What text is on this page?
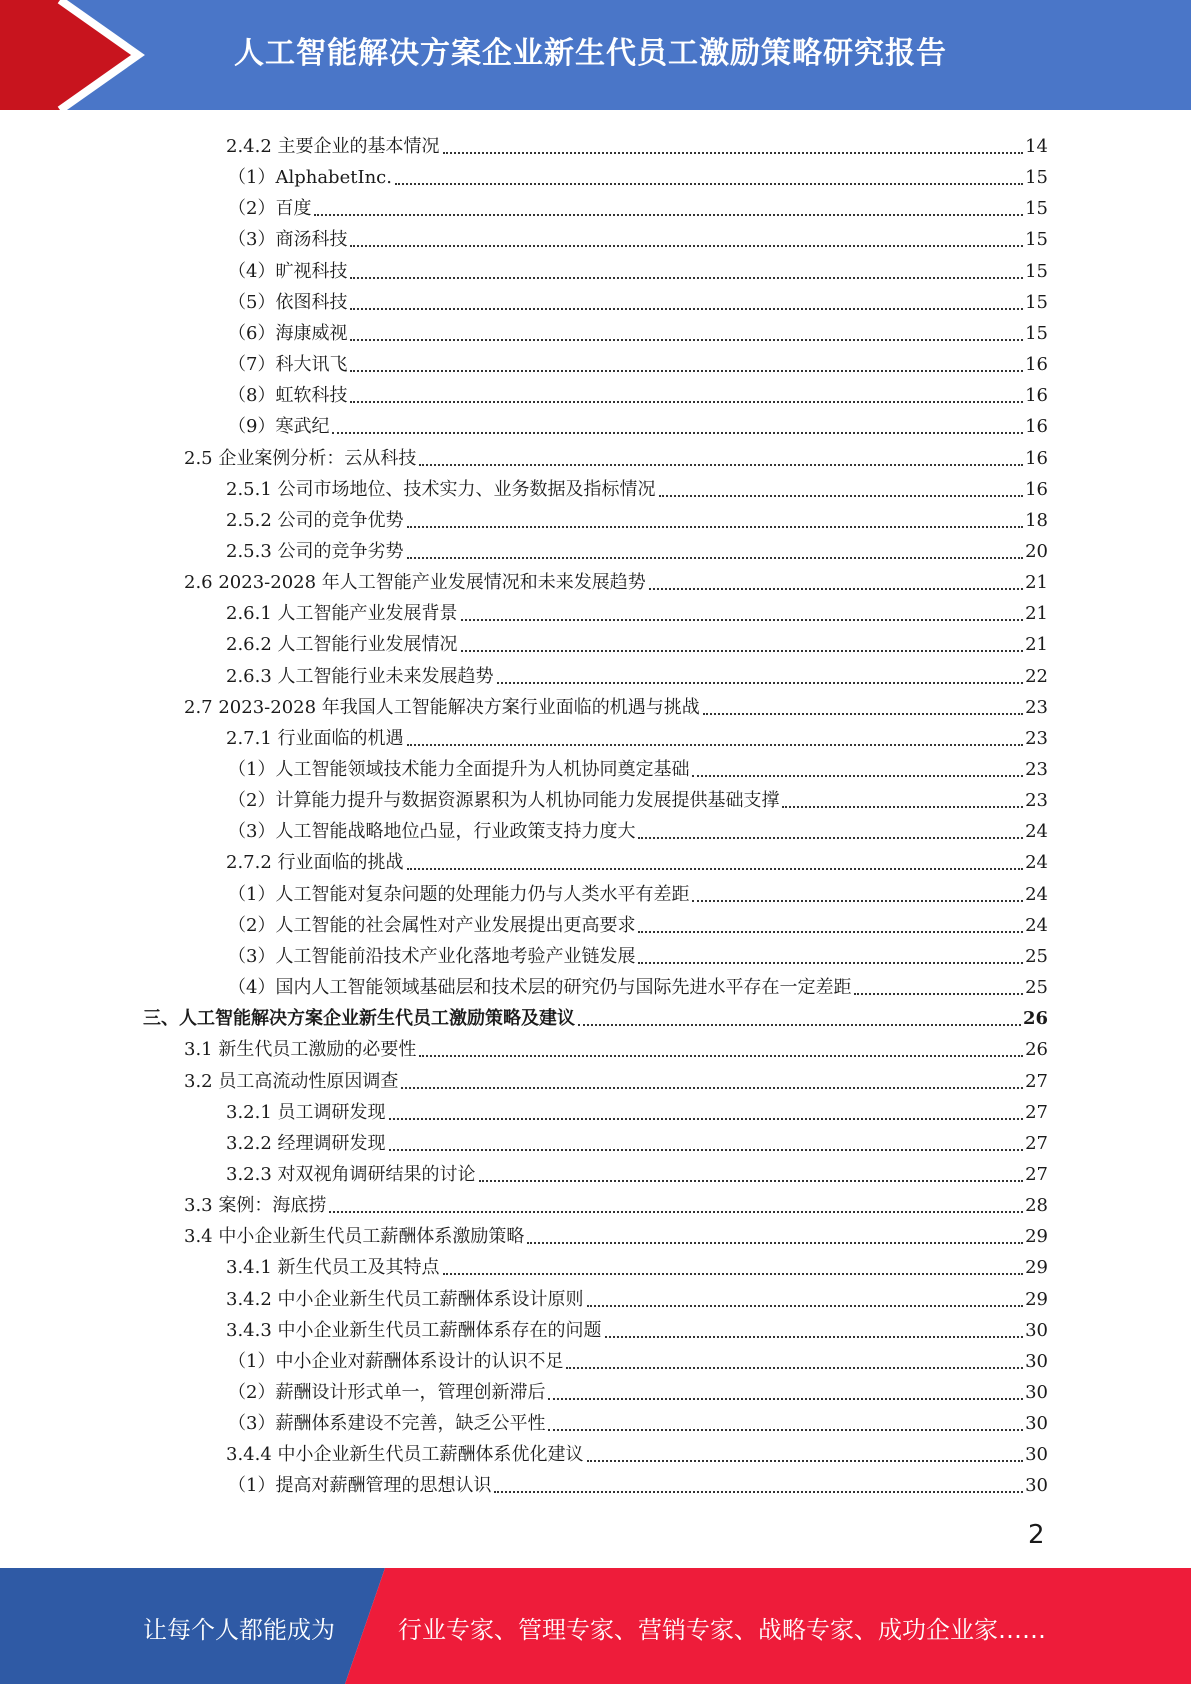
人工智能解决方案企业新生代员工激励策略研究报告
2.4.2 主要企业的基本情况	14
（1）AlphabetInc.	15
（2）百度	15
（3）商汤科技	15
（4）旷视科技	15
（5）依图科技	15
（6）海康威视	15
（7）科大讯飞	16
（8）虹软科技	16
（9）寒武纪	16
2.5 企业案例分析：云从科技	16
2.5.1 公司市场地位、技术实力、业务数据及指标情况	16
2.5.2 公司的竞争优势	18
2.5.3 公司的竞争劣势	20
2.6 2023-2028 年人工智能产业发展情况和未来发展趋势	21
2.6.1 人工智能产业发展背景	21
2.6.2 人工智能行业发展情况	21
2.6.3 人工智能行业未来发展趋势	22
2.7 2023-2028 年我国人工智能解决方案行业面临的机遇与挑战	23
2.7.1 行业面临的机遇	23
（1）人工智能领域技术能力全面提升为人机协同奠定基础	23
（2）计算能力提升与数据资源累积为人机协同能力发展提供基础支撑	23
（3）人工智能战略地位凸显，行业政策支持力度大	24
2.7.2 行业面临的挑战	24
（1）人工智能对复杂问题的处理能力仍与人类水平有差距	24
（2）人工智能的社会属性对产业发展提出更高要求	24
（3）人工智能前沿技术产业化落地考验产业链发展	25
（4）国内人工智能领域基础层和技术层的研究仍与国际先进水平存在一定差距	25
三、人工智能解决方案企业新生代员工激励策略及建议	26
3.1 新生代员工激励的必要性	26
3.2 员工高流动性原因调查	27
3.2.1 员工调研发现	27
3.2.2 经理调研发现	27
3.2.3 对双视角调研结果的讨论	27
3.3 案例：海底捞	28
3.4 中小企业新生代员工薪酬体系激励策略	29
3.4.1 新生代员工及其特点	29
3.4.2 中小企业新生代员工薪酬体系设计原则	29
3.4.3 中小企业新生代员工薪酬体系存在的问题	30
（1）中小企业对薪酬体系设计的认识不足	30
（2）薪酬设计形式单一，管理创新滞后	30
（3）薪酬体系建设不完善，缺乏公平性	30
3.4.4 中小企业新生代员工薪酬体系优化建议	30
（1）提高对薪酬管理的思想认识	30
2
让每个人都能成为	行业专家、管理专家、营销专家、战略专家、成功企业家……
